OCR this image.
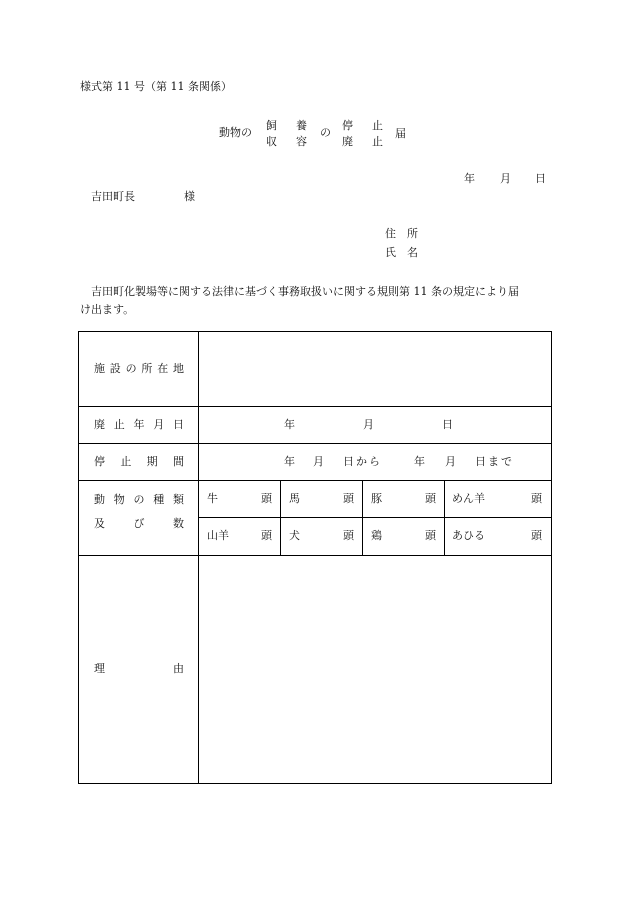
様式第 11 号（第 11 条関係）
動物の
飼
収
養
容
の
停
廃
止
止
届
年 月 日
吉田町長	様
住 所
氏 名
吉田町化製場等に関する法律に基づく事務取扱いに関する規則第 11 条の規定により届
け出ます。
施 設 の 所 在 地
廃 止 年 月 日	年	月	日
停 止 期 間	年 月 日から	年 月 日まで
動 物 の 種 類
及	び	数
牛	頭 馬	頭 豚	頭 めん羊	頭
山羊	頭 犬	頭 鶏	頭 あひる	頭
理	由
